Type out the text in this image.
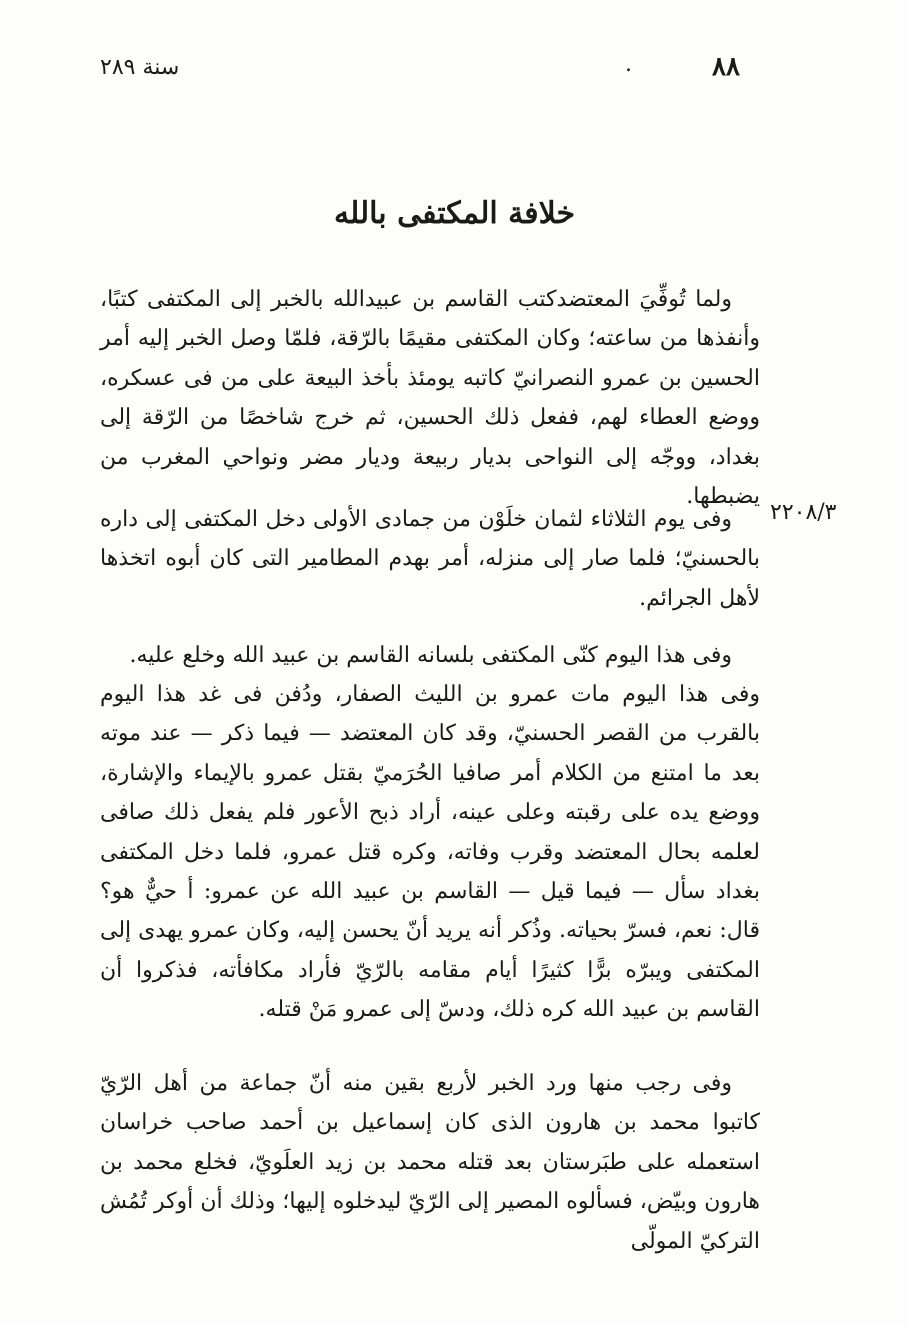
٨٨
.
سنة ٢٨٩
خلافة المكتفى بالله
ولما تُوفِّيَ المعتضدكتب القاسم بن عبيدالله بالخبر إلى المكتفى كتبًا، وأنفذها من ساعته؛ وكان المكتفى مقيمًا بالرّقة، فلمّا وصل الخبر إليه أمر الحسين بن عمرو النصرانيّ كاتبه يومئذ بأخذ البيعة على من فى عسكره، ووضع العطاء لهم، ففعل ذلك الحسين، ثم خرج شاخصًا من الرّقة إلى بغداد، ووجّه إلى النواحى بديار ربيعة وديار مضر ونواحي المغرب من يضبطها.
٢٢٠٨/٣
وفى يوم الثلاثاء لثمان خلَوْن من جمادى الأولى دخل المكتفى إلى داره بالحسنيّ؛ فلما صار إلى منزله، أمر بهدم المطامير التى كان أبوه اتخذها لأهل الجرائم.
وفى هذا اليوم كنّى المكتفى بلسانه القاسم بن عبيد الله وخلع عليه.
وفى هذا اليوم مات عمرو بن الليث الصفار، ودُفن فى غد هذا اليوم بالقرب من القصر الحسنيّ، وقد كان المعتضد — فيما ذكر — عند موته بعد ما امتنع من الكلام أمر صافيا الحُرَميّ بقتل عمرو بالإيماء والإشارة، ووضع يده على رقبته وعلى عينه، أراد ذبح الأعور فلم يفعل ذلك صافى لعلمه بحال المعتضد وقرب وفاته، وكره قتل عمرو، فلما دخل المكتفى بغداد سأل — فيما قيل — القاسم بن عبيد الله عن عمرو: أ حيٌّ هو؟ قال: نعم، فسرّ بحياته. وذُكر أنه يريد أنّ يحسن إليه، وكان عمرو يهدى إلى المكتفى ويبرّه برًّا كثيرًا أيام مقامه بالرّيّ فأراد مكافأته، فذكروا أن القاسم بن عبيد الله كره ذلك، ودسّ إلى عمرو مَنْ قتله.
وفى رجب منها ورد الخبر لأربع بقين منه أنّ جماعة من أهل الرّيّ كاتبوا محمد بن هارون الذى كان إسماعيل بن أحمد صاحب خراسان استعمله على طبَرستان بعد قتله محمد بن زيد العلَويّ، فخلع محمد بن هارون وبيّض، فسألوه المصير إلى الرّيّ ليدخلوه إليها؛ وذلك أن أوكر تُمُش التركيّ المولّى
